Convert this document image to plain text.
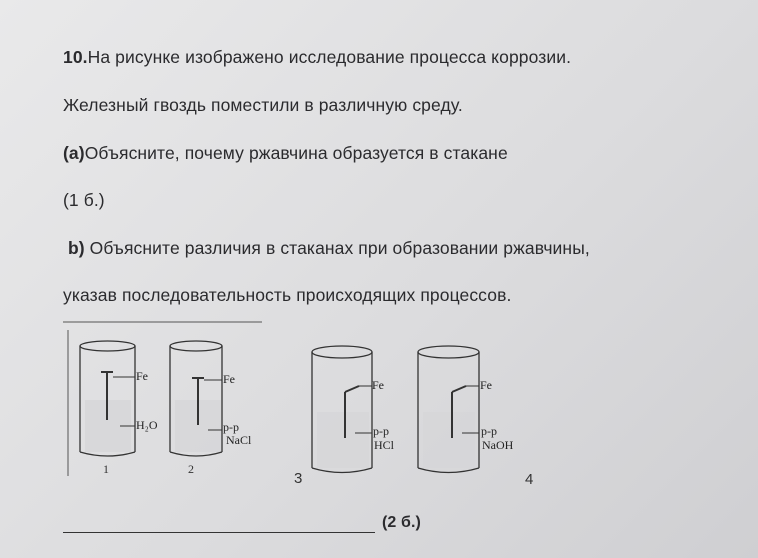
10.На рисунке изображено исследование процесса коррозии.
Железный гвоздь поместили в различную среду.
(а)Объясните, почему ржавчина образуется в стакане
(1 б.)
b) Объясните различия в стаканах при образовании ржавчины,
указав последовательность происходящих процессов.
Fe
H₂O
1
Fe
р-р
NaCl
2
Fe
р-р
HCl
3
Fe
р-р
NaOH
4
(2 б.)
